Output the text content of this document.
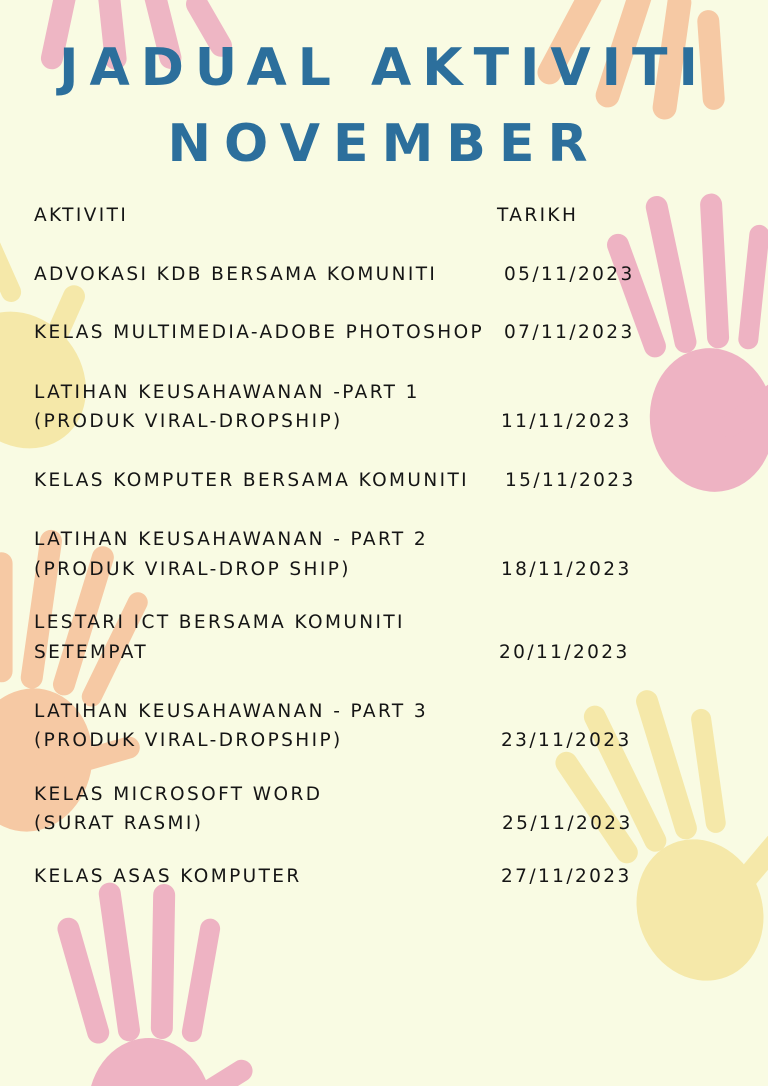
JADUAL AKTIVITI
NOVEMBER
AKTIVITI	TARIKH
ADVOKASI KDB BERSAMA KOMUNITI	05/11/2023
KELAS MULTIMEDIA-ADOBE PHOTOSHOP 07/11/2023
LATIHAN KEUSAHAWANAN -PART 1
(PRODUK VIRAL-DROPSHIP)	11/11/2023
KELAS KOMPUTER BERSAMA KOMUNITI 15/11/2023
LATIHAN KEUSAHAWANAN - PART 2
(PRODUK VIRAL-DROP SHIP)	18/11/2023
LESTARI ICT BERSAMA KOMUNITI
SETEMPAT	20/11/2023
LATIHAN KEUSAHAWANAN - PART 3
(PRODUK VIRAL-DROPSHIP)	23/11/2023
KELAS MICROSOFT WORD
(SURAT RASMI)	25/11/2023
KELAS ASAS KOMPUTER	27/11/2023
